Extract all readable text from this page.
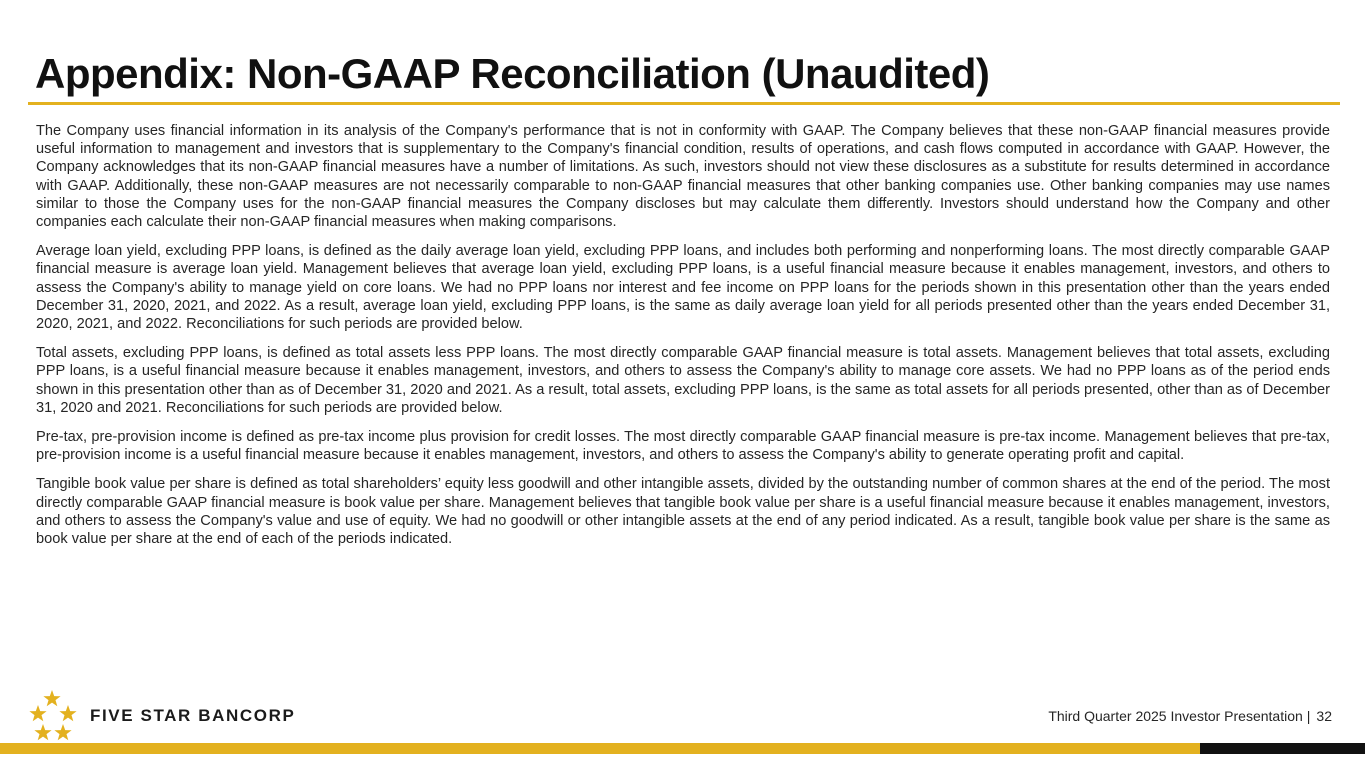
Appendix: Non-GAAP Reconciliation (Unaudited)

The Company uses financial information in its analysis of the Company's performance that is not in conformity with GAAP. The Company believes that these non-GAAP financial measures provide useful information to management and investors that is supplementary to the Company's financial condition, results of operations, and cash flows computed in accordance with GAAP. However, the Company acknowledges that its non-GAAP financial measures have a number of limitations. As such, investors should not view these disclosures as a substitute for results determined in accordance with GAAP. Additionally, these non-GAAP measures are not necessarily comparable to non-GAAP financial measures that other banking companies use. Other banking companies may use names similar to those the Company uses for the non-GAAP financial measures the Company discloses but may calculate them differently. Investors should understand how the Company and other companies each calculate their non-GAAP financial measures when making comparisons.

Average loan yield, excluding PPP loans, is defined as the daily average loan yield, excluding PPP loans, and includes both performing and nonperforming loans. The most directly comparable GAAP financial measure is average loan yield. Management believes that average loan yield, excluding PPP loans, is a useful financial measure because it enables management, investors, and others to assess the Company's ability to manage yield on core loans. We had no PPP loans nor interest and fee income on PPP loans for the periods shown in this presentation other than the years ended December 31, 2020, 2021, and 2022. As a result, average loan yield, excluding PPP loans, is the same as daily average loan yield for all periods presented other than the years ended December 31, 2020, 2021, and 2022. Reconciliations for such periods are provided below.

Total assets, excluding PPP loans, is defined as total assets less PPP loans. The most directly comparable GAAP financial measure is total assets. Management believes that total assets, excluding PPP loans, is a useful financial measure because it enables management, investors, and others to assess the Company's ability to manage core assets. We had no PPP loans as of the period ends shown in this presentation other than as of December 31, 2020 and 2021. As a result, total assets, excluding PPP loans, is the same as total assets for all periods presented, other than as of December 31, 2020 and 2021. Reconciliations for such periods are provided below.

Pre-tax, pre-provision income is defined as pre-tax income plus provision for credit losses. The most directly comparable GAAP financial measure is pre-tax income. Management believes that pre-tax, pre-provision income is a useful financial measure because it enables management, investors, and others to assess the Company's ability to generate operating profit and capital.

Tangible book value per share is defined as total shareholders’ equity less goodwill and other intangible assets, divided by the outstanding number of common shares at the end of the period. The most directly comparable GAAP financial measure is book value per share. Management believes that tangible book value per share is a useful financial measure because it enables management, investors, and others to assess the Company's value and use of equity. We had no goodwill or other intangible assets at the end of any period indicated. As a result, tangible book value per share is the same as book value per share at the end of each of the periods indicated.

FIVE STAR BANCORP	Third Quarter 2025 Investor Presentation | 32
